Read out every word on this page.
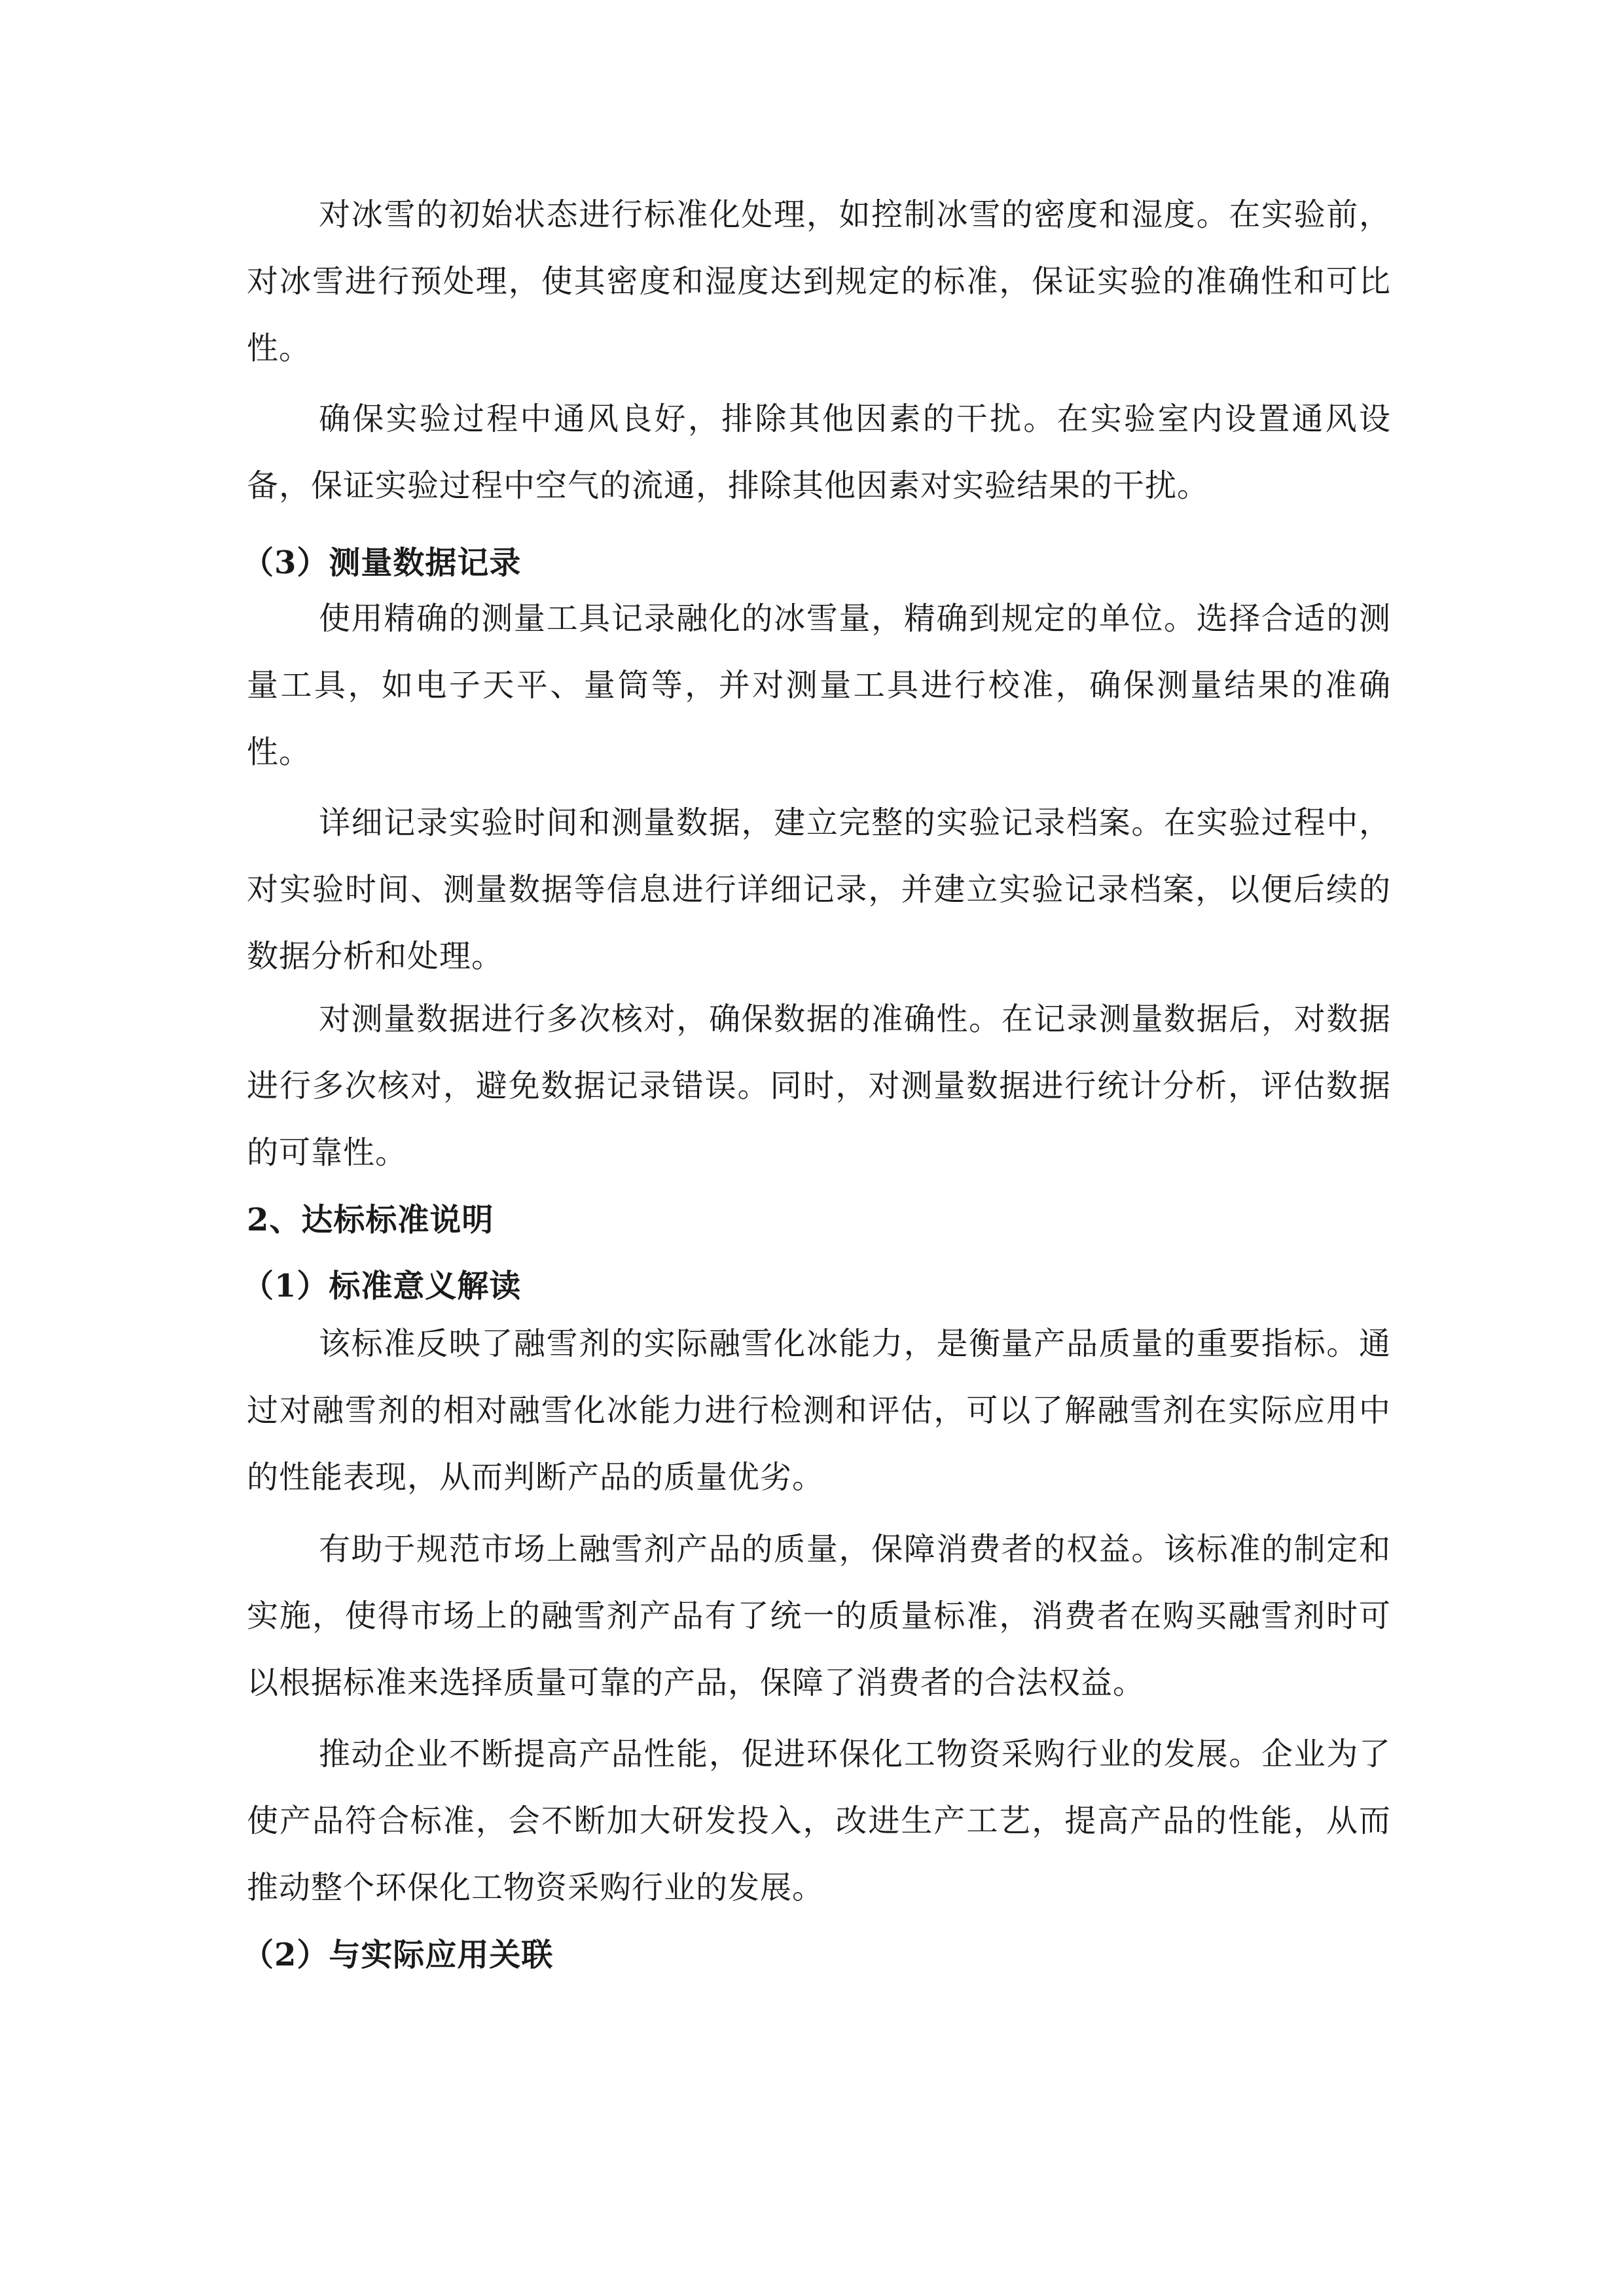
对冰雪的初始状态进行标准化处理，如控制冰雪的密度和湿度。在实验前，对冰雪进行预处理，使其密度和湿度达到规定的标准，保证实验的准确性和可比性。

确保实验过程中通风良好，排除其他因素的干扰。在实验室内设置通风设备，保证实验过程中空气的流通，排除其他因素对实验结果的干扰。

（3）测量数据记录

使用精确的测量工具记录融化的冰雪量，精确到规定的单位。选择合适的测量工具，如电子天平、量筒等，并对测量工具进行校准，确保测量结果的准确性。

详细记录实验时间和测量数据，建立完整的实验记录档案。在实验过程中，对实验时间、测量数据等信息进行详细记录，并建立实验记录档案，以便后续的数据分析和处理。

对测量数据进行多次核对，确保数据的准确性。在记录测量数据后，对数据进行多次核对，避免数据记录错误。同时，对测量数据进行统计分析，评估数据的可靠性。

2、达标标准说明
（1）标准意义解读

该标准反映了融雪剂的实际融雪化冰能力，是衡量产品质量的重要指标。通过对融雪剂的相对融雪化冰能力进行检测和评估，可以了解融雪剂在实际应用中的性能表现，从而判断产品的质量优劣。

有助于规范市场上融雪剂产品的质量，保障消费者的权益。该标准的制定和实施，使得市场上的融雪剂产品有了统一的质量标准，消费者在购买融雪剂时可以根据标准来选择质量可靠的产品，保障了消费者的合法权益。

推动企业不断提高产品性能，促进环保化工物资采购行业的发展。企业为了使产品符合标准，会不断加大研发投入，改进生产工艺，提高产品的性能，从而推动整个环保化工物资采购行业的发展。

（2）与实际应用关联
